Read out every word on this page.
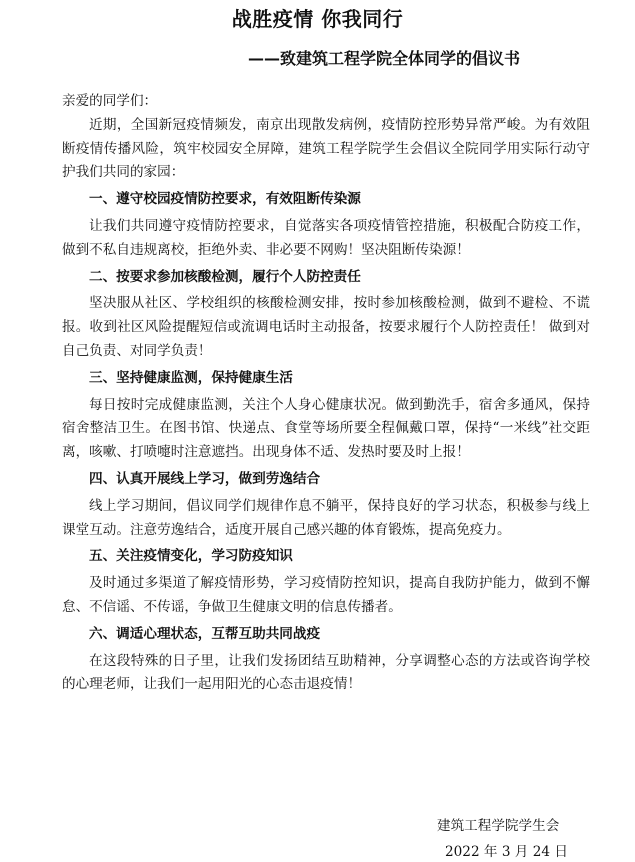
战胜疫情 你我同行
——致建筑工程学院全体同学的倡议书

亲爱的同学们：

近期，全国新冠疫情频发，南京出现散发病例，疫情防控形势异常严峻。为有效阻断疫情传播风险，筑牢校园安全屏障，建筑工程学院学生会倡议全院同学用实际行动守护我们共同的家园：

一、遵守校园疫情防控要求，有效阻断传染源

让我们共同遵守疫情防控要求，自觉落实各项疫情管控措施，积极配合防疫工作，做到不私自违规离校，拒绝外卖、非必要不网购！坚决阻断传染源！

二、按要求参加核酸检测，履行个人防控责任

坚决服从社区、学校组织的核酸检测安排，按时参加核酸检测，做到不避检、不谎报。收到社区风险提醒短信或流调电话时主动报备，按要求履行个人防控责任！ 做到对自己负责、对同学负责！

三、坚持健康监测，保持健康生活

每日按时完成健康监测，关注个人身心健康状况。做到勤洗手，宿舍多通风，保持宿舍整洁卫生。在图书馆、快递点、食堂等场所要全程佩戴口罩，保持“一米线”社交距离，咳嗽、打喷嚏时注意遮挡。出现身体不适、发热时要及时上报！

四、认真开展线上学习，做到劳逸结合

线上学习期间，倡议同学们规律作息不躺平，保持良好的学习状态，积极参与线上课堂互动。注意劳逸结合，适度开展自己感兴趣的体育锻炼，提高免疫力。

五、关注疫情变化，学习防疫知识

及时通过多渠道了解疫情形势，学习疫情防控知识，提高自我防护能力，做到不懈怠、不信谣、不传谣，争做卫生健康文明的信息传播者。

六、调适心理状态，互帮互助共同战疫

在这段特殊的日子里，让我们发扬团结互助精神，分享调整心态的方法或咨询学校的心理老师，让我们一起用阳光的心态击退疫情！

建筑工程学院学生会
2022 年 3 月 24 日
